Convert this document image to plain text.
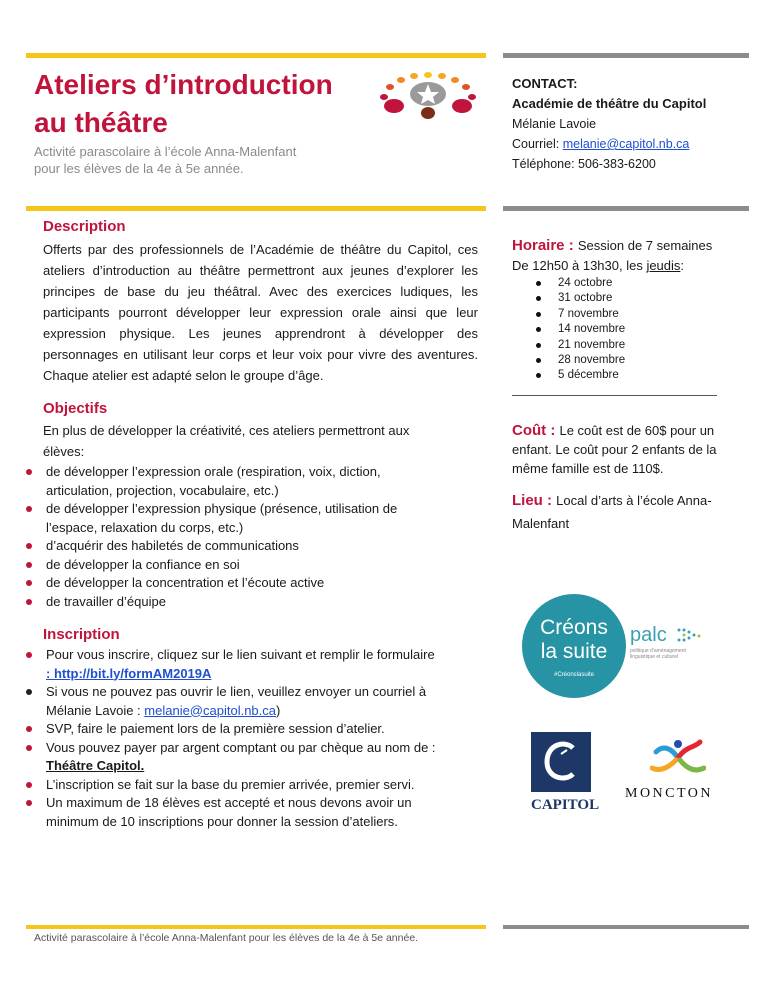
Ateliers d’introduction
au théâtre
Activité parascolaire à l’école Anna-Malenfant
pour les élèves de la 4e à 5e année.
CONTACT:
Académie de théâtre du Capitol
Mélanie Lavoie
Courriel: melanie@capitol.nb.ca
Téléphone: 506-383-6200
Description
Offerts par des professionnels de l’Académie de théâtre du Capitol, ces ateliers d’introduction au théâtre permettront aux jeunes d’explorer les principes de base du jeu théâtral. Avec des exercices ludiques, les participants pourront développer leur expression orale ainsi que leur expression physique. Les jeunes apprendront à développer des personnages en utilisant leur corps et leur voix pour vivre des aventures. Chaque atelier est adapté selon le groupe d’âge.
Objectifs
En plus de développer la créativité, ces ateliers permettront aux élèves:
de développer l’expression orale (respiration, voix, diction, articulation, projection, vocabulaire, etc.)
de développer l’expression physique (présence, utilisation de l’espace, relaxation du corps, etc.)
d’acquérir des habiletés de communications
de développer la confiance en soi
de développer la concentration et l’écoute active
de travailler d’équipe
Inscription
Pour vous inscrire, cliquez sur le lien suivant et remplir le formulaire : http://bit.ly/formAM2019A
Si vous ne pouvez pas ouvrir le lien, veuillez envoyer un courriel à Mélanie Lavoie : melanie@capitol.nb.ca)
SVP, faire le paiement lors de la première session d’atelier.
Vous pouvez payer par argent comptant ou par chèque au nom de : Théâtre Capitol.
L’inscription se fait sur la base du premier arrivée, premier servi.
Un maximum de 18 élèves est accepté et nous devons avoir un minimum de 10 inscriptions pour donner la session d’ateliers.
Horaire : Session de 7 semaines
De 12h50 à 13h30, les jeudis:
24 octobre
31 octobre
7 novembre
14 novembre
21 novembre
28 novembre
5 décembre
Coût : Le coût est de 60$ pour un enfant. Le coût pour 2 enfants de la même famille est de 110$.
Lieu : Local d’arts à l’école Anna-Malenfant
Créons
la suite
#Créonslasuite
palc
politique d’aménagement linguistique et culturel
CAPITOL
MONCTON
Activité parascolaire à l’école Anna-Malenfant pour les élèves de la 4e à 5e année.
